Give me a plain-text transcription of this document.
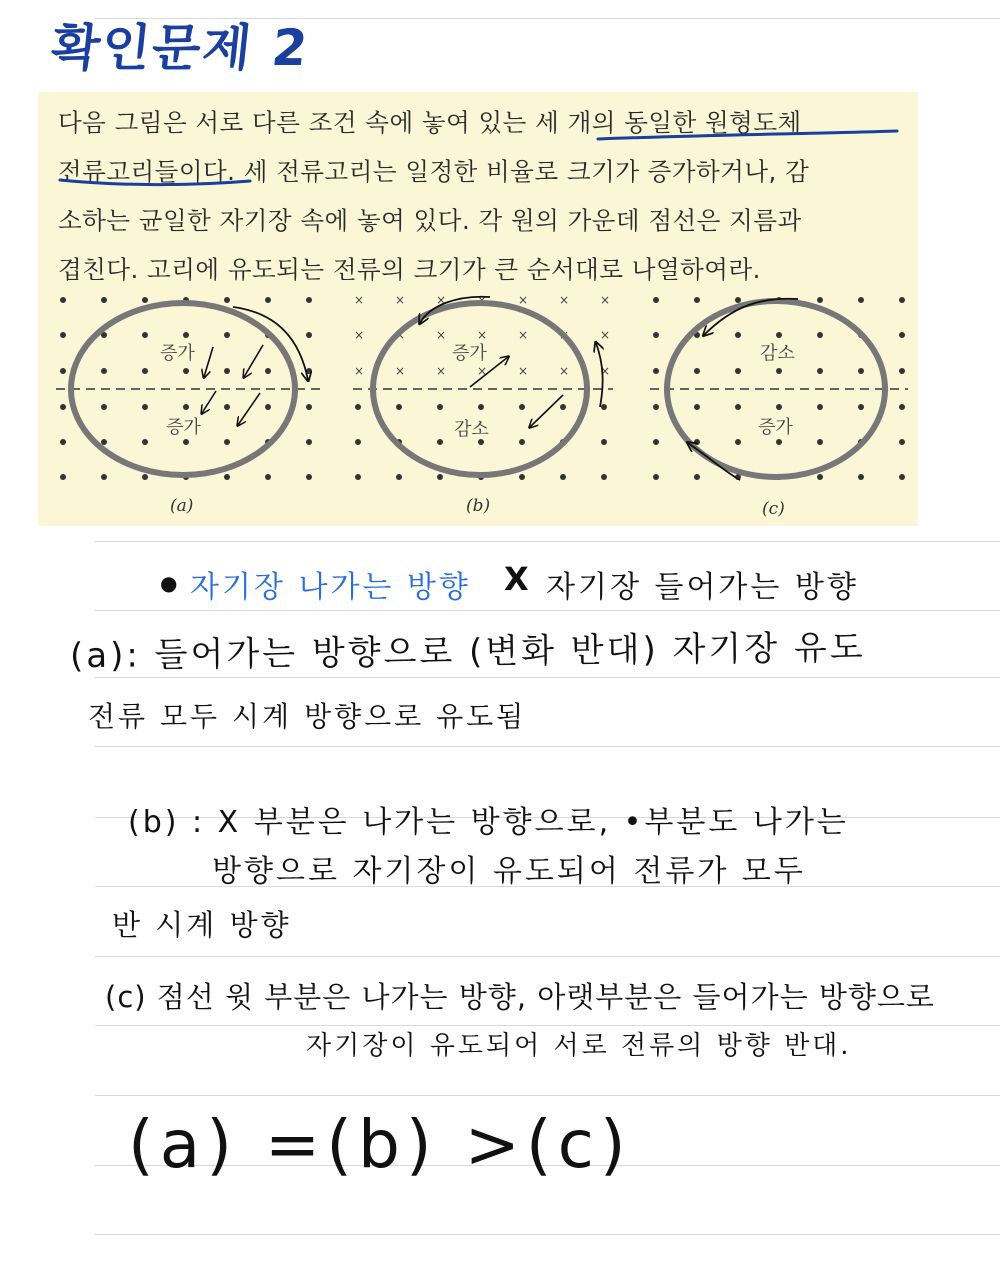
확인문제 2

다음 그림은 서로 다른 조건 속에 놓여 있는 세 개의 동일한 원형도체

전류고리들이다. 세 전류고리는 일정한 비율로 크기가 증가하거나, 감

소하는 균일한 자기장 속에 놓여 있다. 각 원의 가운데 점선은 지름과

겹친다. 고리에 유도되는 전류의 크기가 큰 순서대로 나열하여라.

×	×	×	×	×	×	×
×	×	×	×	×	×	×
×	×	×	×	×	×	×
증가
증가
증가
감소
감소
증가
(a)	(b)	(c)
● 자기장 나가는 방향 X 자기장 들어가는 방향
(a): 들어가는 방향으로 (변화 반대) 자기장 유도
전류 모두 시계 방향으로 유도됨
(b) : X 부분은 나가는 방향으로, •부분도 나가는
방향으로 자기장이 유도되어 전류가 모두
반 시계 방향
(c) 점선 윗 부분은 나가는 방향, 아랫부분은 들어가는 방향으로
자기장이 유도되어 서로 전류의 방향 반대.
(a) =(b) >(c)
